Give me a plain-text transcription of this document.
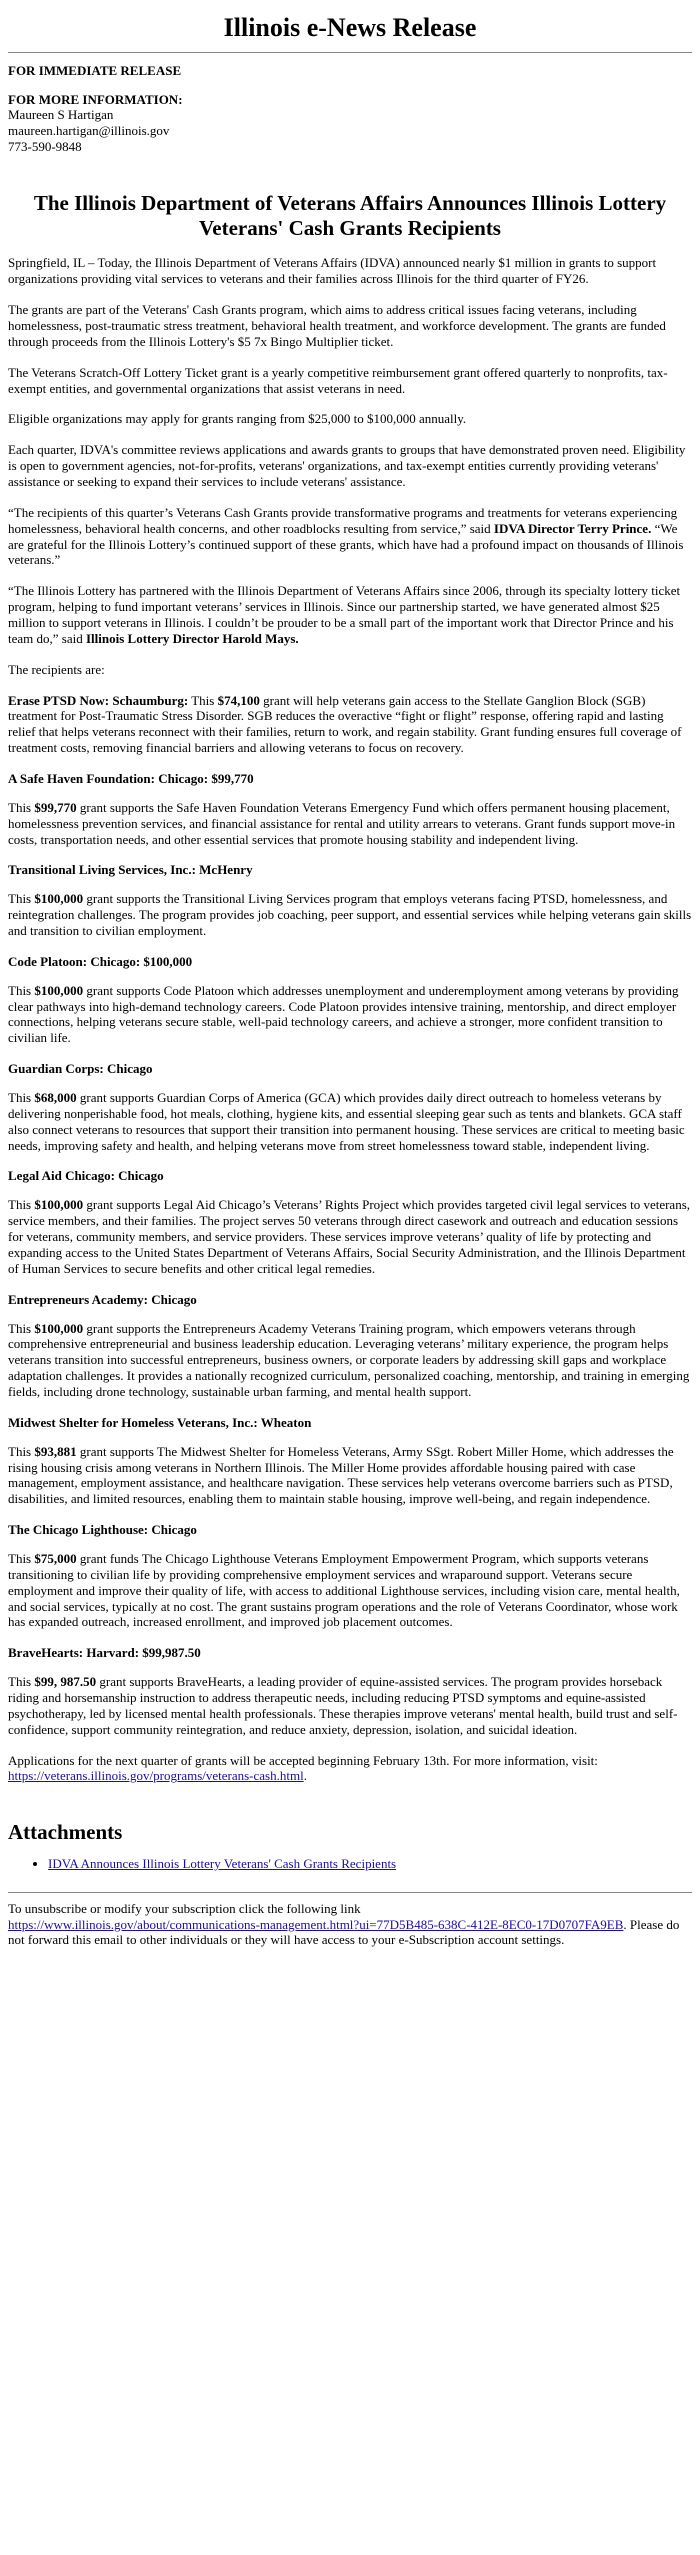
Illinois e-News Release

FOR IMMEDIATE RELEASE

FOR MORE INFORMATION:

Maureen S Hartigan

maureen.hartigan@illinois.gov

773-590-9848

The Illinois Department of Veterans Affairs Announces Illinois Lottery Veterans' Cash Grants Recipients

Springfield, IL – Today, the Illinois Department of Veterans Affairs (IDVA) announced nearly $1 million in grants to support organizations providing vital services to veterans and their families across Illinois for the third quarter of FY26.

The grants are part of the Veterans' Cash Grants program, which aims to address critical issues facing veterans, including homelessness, post-traumatic stress treatment, behavioral health treatment, and workforce development. The grants are funded through proceeds from the Illinois Lottery's $5 7x Bingo Multiplier ticket.

The Veterans Scratch-Off Lottery Ticket grant is a yearly competitive reimbursement grant offered quarterly to nonprofits, tax-exempt entities, and governmental organizations that assist veterans in need.

Eligible organizations may apply for grants ranging from $25,000 to $100,000 annually.

Each quarter, IDVA's committee reviews applications and awards grants to groups that have demonstrated proven need. Eligibility is open to government agencies, not-for-profits, veterans' organizations, and tax-exempt entities currently providing veterans' assistance or seeking to expand their services to include veterans' assistance.

“The recipients of this quarter’s Veterans Cash Grants provide transformative programs and treatments for veterans experiencing homelessness, behavioral health concerns, and other roadblocks resulting from service,” said IDVA Director Terry Prince. “We are grateful for the Illinois Lottery’s continued support of these grants, which have had a profound impact on thousands of Illinois veterans.”

“The Illinois Lottery has partnered with the Illinois Department of Veterans Affairs since 2006, through its specialty lottery ticket program, helping to fund important veterans’ services in Illinois. Since our partnership started, we have generated almost $25 million to support veterans in Illinois. I couldn’t be prouder to be a small part of the important work that Director Prince and his team do,” said Illinois Lottery Director Harold Mays.

The recipients are:

Erase PTSD Now: Schaumburg: This $74,100 grant will help veterans gain access to the Stellate Ganglion Block (SGB) treatment for Post-Traumatic Stress Disorder. SGB reduces the overactive “fight or flight” response, offering rapid and lasting relief that helps veterans reconnect with their families, return to work, and regain stability. Grant funding ensures full coverage of treatment costs, removing financial barriers and allowing veterans to focus on recovery.

A Safe Haven Foundation: Chicago: $99,770

This $99,770 grant supports the Safe Haven Foundation Veterans Emergency Fund which offers permanent housing placement, homelessness prevention services, and financial assistance for rental and utility arrears to veterans. Grant funds support move-in costs, transportation needs, and other essential services that promote housing stability and independent living.

Transitional Living Services, Inc.: McHenry

This $100,000 grant supports the Transitional Living Services program that employs veterans facing PTSD, homelessness, and reintegration challenges. The program provides job coaching, peer support, and essential services while helping veterans gain skills and transition to civilian employment.

Code Platoon: Chicago: $100,000

This $100,000 grant supports Code Platoon which addresses unemployment and underemployment among veterans by providing clear pathways into high-demand technology careers. Code Platoon provides intensive training, mentorship, and direct employer connections, helping veterans secure stable, well-paid technology careers, and achieve a stronger, more confident transition to civilian life.

Guardian Corps: Chicago

This $68,000 grant supports Guardian Corps of America (GCA) which provides daily direct outreach to homeless veterans by delivering nonperishable food, hot meals, clothing, hygiene kits, and essential sleeping gear such as tents and blankets. GCA staff also connect veterans to resources that support their transition into permanent housing. These services are critical to meeting basic needs, improving safety and health, and helping veterans move from street homelessness toward stable, independent living.

Legal Aid Chicago: Chicago

This $100,000 grant supports Legal Aid Chicago’s Veterans’ Rights Project which provides targeted civil legal services to veterans, service members, and their families. The project serves 50 veterans through direct casework and outreach and education sessions for veterans, community members, and service providers. These services improve veterans’ quality of life by protecting and expanding access to the United States Department of Veterans Affairs, Social Security Administration, and the Illinois Department of Human Services to secure benefits and other critical legal remedies.

Entrepreneurs Academy: Chicago

This $100,000 grant supports the Entrepreneurs Academy Veterans Training program, which empowers veterans through comprehensive entrepreneurial and business leadership education. Leveraging veterans’ military experience, the program helps veterans transition into successful entrepreneurs, business owners, or corporate leaders by addressing skill gaps and workplace adaptation challenges. It provides a nationally recognized curriculum, personalized coaching, mentorship, and training in emerging fields, including drone technology, sustainable urban farming, and mental health support.

Midwest Shelter for Homeless Veterans, Inc.: Wheaton

This $93,881 grant supports The Midwest Shelter for Homeless Veterans, Army SSgt. Robert Miller Home, which addresses the rising housing crisis among veterans in Northern Illinois. The Miller Home provides affordable housing paired with case management, employment assistance, and healthcare navigation. These services help veterans overcome barriers such as PTSD, disabilities, and limited resources, enabling them to maintain stable housing, improve well-being, and regain independence.

The Chicago Lighthouse: Chicago

This $75,000 grant funds The Chicago Lighthouse Veterans Employment Empowerment Program, which supports veterans transitioning to civilian life by providing comprehensive employment services and wraparound support. Veterans secure employment and improve their quality of life, with access to additional Lighthouse services, including vision care, mental health, and social services, typically at no cost. The grant sustains program operations and the role of Veterans Coordinator, whose work has expanded outreach, increased enrollment, and improved job placement outcomes.

BraveHearts: Harvard: $99,987.50

This $99, 987.50 grant supports BraveHearts, a leading provider of equine-assisted services. The program provides horseback riding and horsemanship instruction to address therapeutic needs, including reducing PTSD symptoms and equine-assisted psychotherapy, led by licensed mental health professionals. These therapies improve veterans' mental health, build trust and self-confidence, support community reintegration, and reduce anxiety, depression, isolation, and suicidal ideation.

Applications for the next quarter of grants will be accepted beginning February 13th. For more information, visit: https://veterans.illinois.gov/programs/veterans-cash.html.

Attachments
• IDVA Announces Illinois Lottery Veterans' Cash Grants Recipients

To unsubscribe or modify your subscription click the following link

https://www.illinois.gov/about/communications-management.html?ui=77D5B485-638C-412E-8EC0-17D0707FA9EB. Please do not forward this email to other individuals or they will have access to your e-Subscription account settings.
